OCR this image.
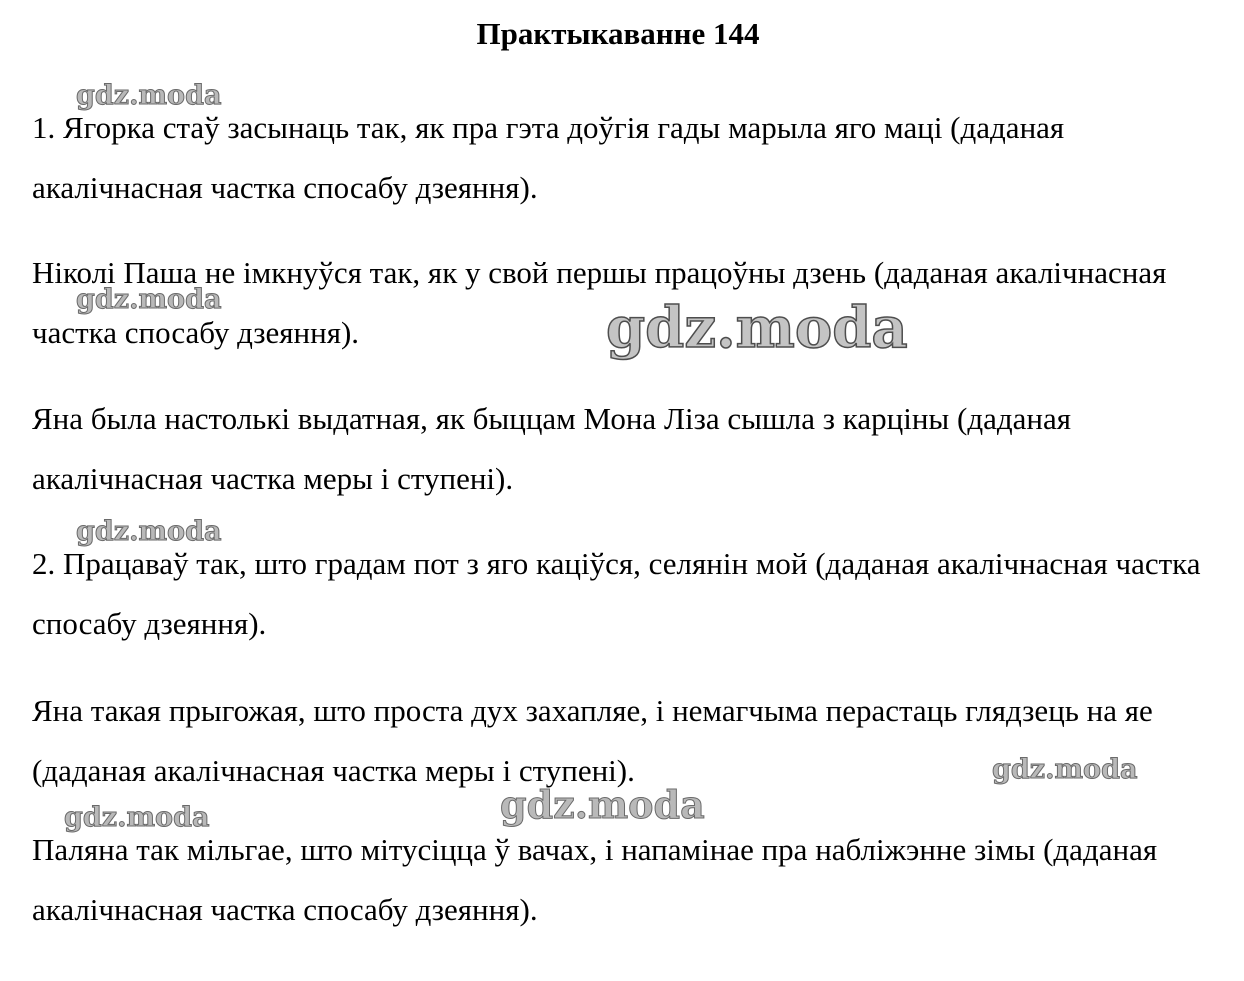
Практыкаванне 144

1. Ягорка стаў засынаць так, як пра гэта доўгія гады марыла яго маці (даданая акалічнасная частка спосабу дзеяння).

Ніколі Паша не імкнуўся так, як у свой першы працоўны дзень (даданая акалічнасная частка спосабу дзеяння).

Яна была настолькі выдатная, як быццам Мона Ліза сышла з карціны (даданая акалічнасная частка меры і ступені).

2. Працаваў так, што градам пот з яго каціўся, селянін мой (даданая акалічнасная частка спосабу дзеяння).

Яна такая прыгожая, што проста дух захапляе, і немагчыма перастаць глядзець на яе (даданая акалічнасная частка меры і ступені).

Паляна так мільгае, што мітусіцца ў вачах, і напамінае пра набліжэнне зімы (даданая акалічнасная частка спосабу дзеяння).

gdz.moda
gdz.moda	gdz.moda
gdz.moda
gdz.moda
gdz.moda
gdz.moda
